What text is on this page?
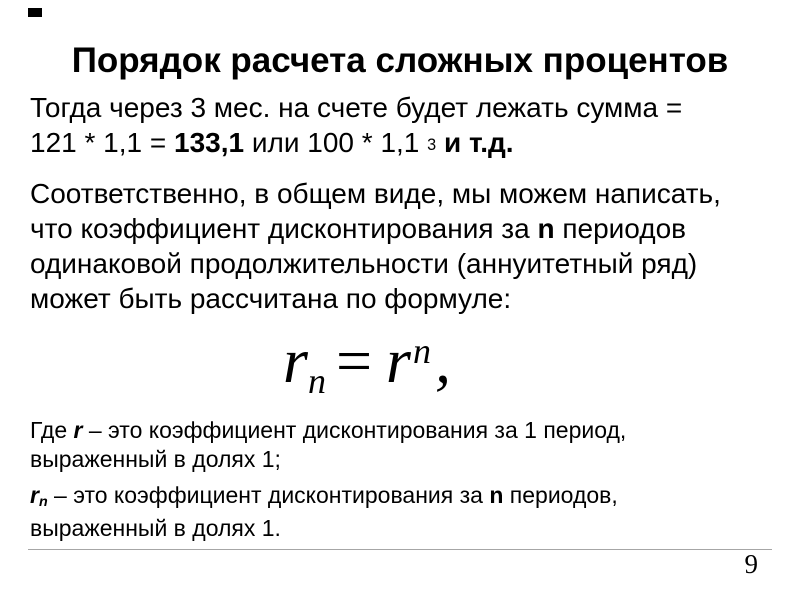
Порядок расчета сложных процентов

Тогда через 3 мес. на счете будет лежать сумма =
121 * 1,1 = 133,1 или 100 * 1,1 3 и т.д.

Соответственно, в общем виде, мы можем написать,
что коэффициент дисконтирования за n периодов
одинаковой продолжительности (аннуитетный ряд)
может быть рассчитана по формуле:

rn = $r^n$,

Где r – это коэффициент дисконтирования за 1 период,
выраженный в долях 1;

rn – это коэффициент дисконтирования за n периодов,
выраженный в долях 1.

9
